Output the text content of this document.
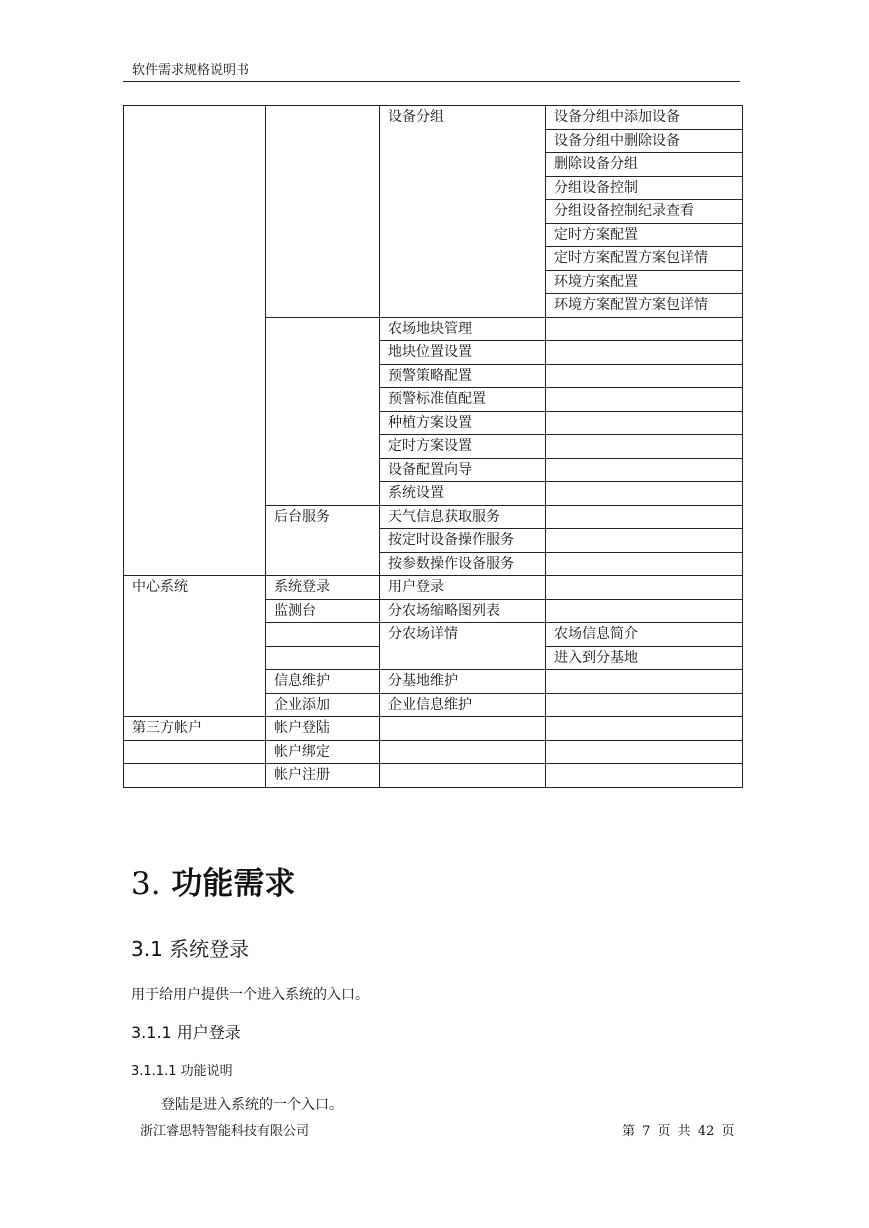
软件需求规格说明书
		设备分组	设备分组中添加设备
			设备分组中删除设备
			删除设备分组
			分组设备控制
			分组设备控制纪录查看
			定时方案配置
			定时方案配置方案包详情
			环境方案配置
			环境方案配置方案包详情
		农场地块管理	
		地块位置设置	
		预警策略配置	
		预警标准值配置	
		种植方案设置	
		定时方案设置	
		设备配置向导	
		系统设置	
	后台服务	天气信息获取服务	
		按定时设备操作服务	
		按参数操作设备服务	
中心系统	系统登录	用户登录	
	监测台	分农场缩略图列表	
		分农场详情	农场信息简介
			进入到分基地
	信息维护	分基地维护	
	企业添加	企业信息维护	
第三方帐户	帐户登陆		
	帐户绑定		
	帐户注册		
3. 功能需求
3.1 系统登录
用于给用户提供一个进入系统的入口。
3.1.1 用户登录
3.1.1.1 功能说明
登陆是进入系统的一个入口。
浙江睿思特智能科技有限公司	第 7 页 共 42 页
